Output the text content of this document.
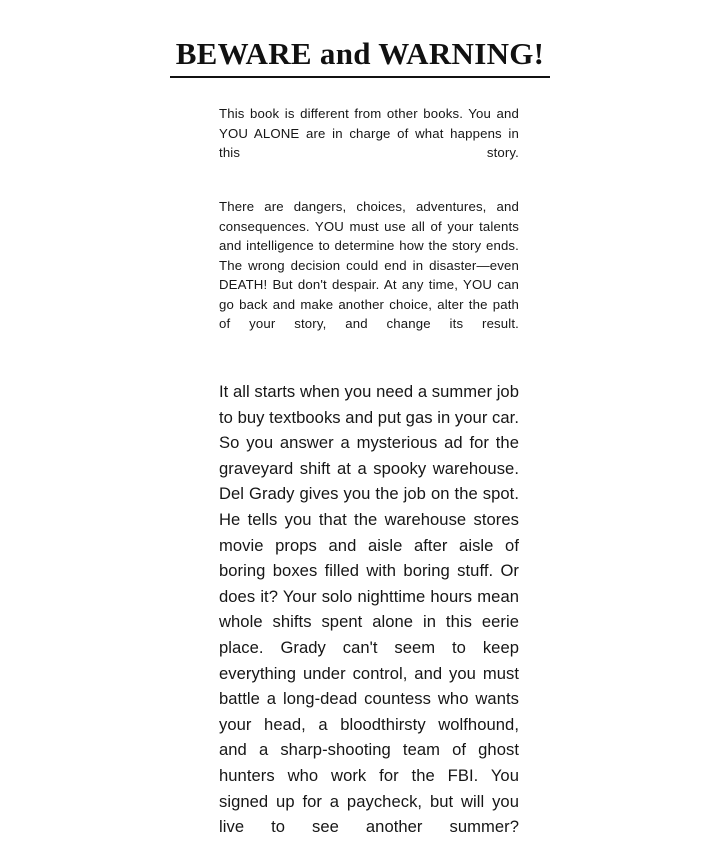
BEWARE and WARNING!

This book is different from other books. You and YOU ALONE are in charge of what happens in this story.

There are dangers, choices, adventures, and consequences. YOU must use all of your talents and intelligence to determine how the story ends. The wrong decision could end in disaster—even DEATH! But don't despair. At any time, YOU can go back and make another choice, alter the path of your story, and change its result.

It all starts when you need a summer job to buy textbooks and put gas in your car. So you answer a mysterious ad for the graveyard shift at a spooky warehouse. Del Grady gives you the job on the spot. He tells you that the warehouse stores movie props and aisle after aisle of boring boxes filled with boring stuff. Or does it? Your solo nighttime hours mean whole shifts spent alone in this eerie place. Grady can't seem to keep everything under control, and you must battle a long-dead countess who wants your head, a bloodthirsty wolfhound, and a sharp-shooting team of ghost hunters who work for the FBI. You signed up for a paycheck, but will you live to see another summer?
